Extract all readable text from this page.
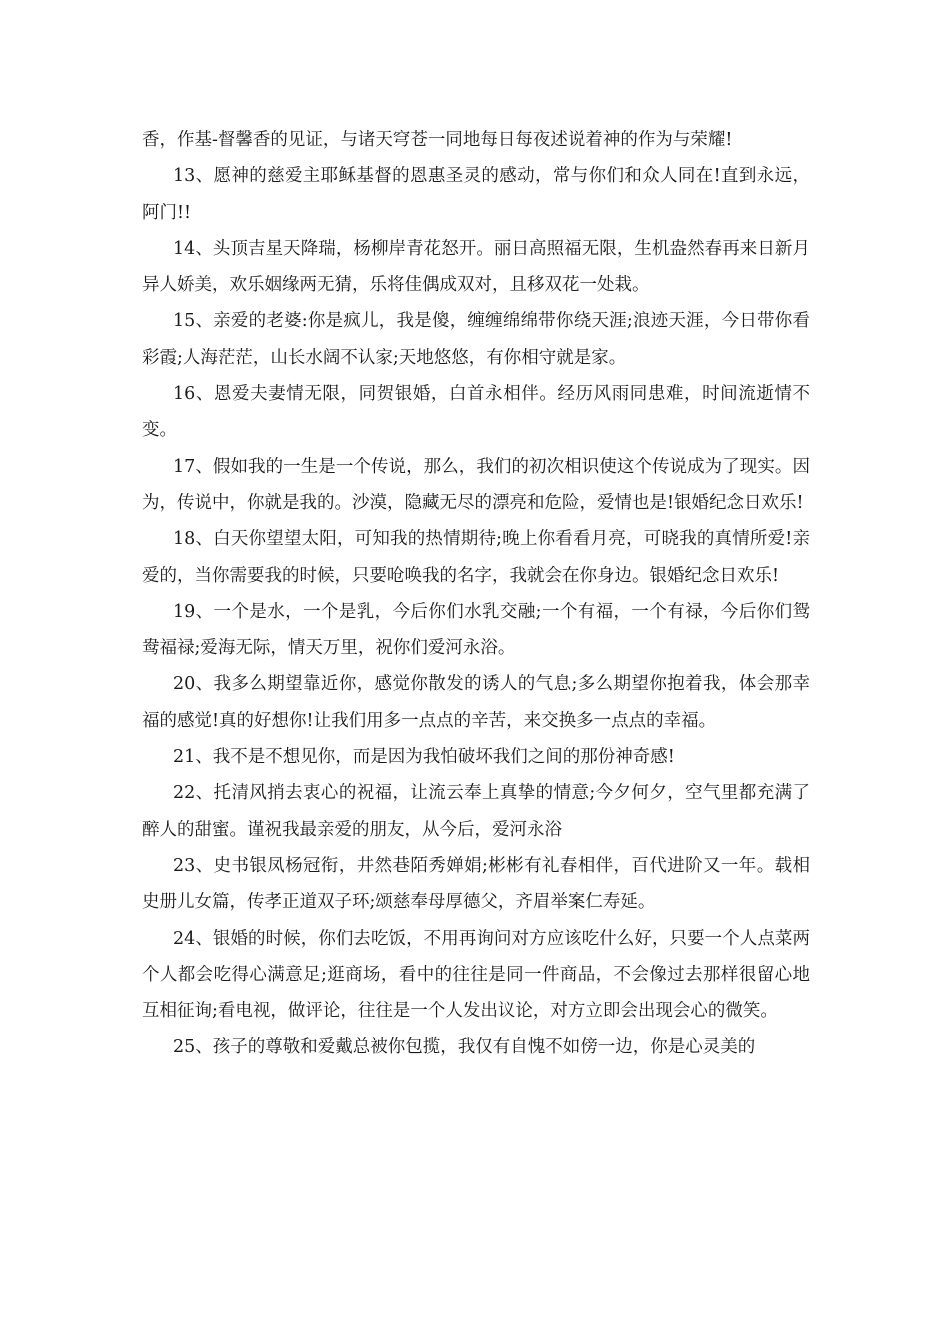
香，作基-督馨香的见证，与诸天穹苍一同地每日每夜述说着神的作为与荣耀!

13、愿神的慈爱主耶稣基督的恩惠圣灵的感动，常与你们和众人同在!直到永远，阿门!!

14、头顶吉星天降瑞，杨柳岸青花怒开。丽日高照福无限，生机盎然春再来日新月异人娇美，欢乐姻缘两无猜，乐将佳偶成双对，且移双花一处栽。

15、亲爱的老婆:你是疯儿，我是傻，缠缠绵绵带你绕天涯;浪迹天涯，今日带你看彩霞;人海茫茫，山长水阔不认家;天地悠悠，有你相守就是家。

16、恩爱夫妻情无限，同贺银婚，白首永相伴。经历风雨同患难，时间流逝情不变。

17、假如我的一生是一个传说，那么，我们的初次相识使这个传说成为了现实。因为，传说中，你就是我的。沙漠，隐藏无尽的漂亮和危险，爱情也是!银婚纪念日欢乐!

18、白天你望望太阳，可知我的热情期待;晚上你看看月亮，可晓我的真情所爱!亲爱的，当你需要我的时候，只要呛唤我的名字，我就会在你身边。银婚纪念日欢乐!

19、一个是水，一个是乳，今后你们水乳交融;一个有福，一个有禄，今后你们鸳鸯福禄;爱海无际，情天万里，祝你们爱河永浴。

20、我多么期望靠近你，感觉你散发的诱人的气息;多么期望你抱着我，体会那幸福的感觉!真的好想你!让我们用多一点点的辛苦，来交换多一点点的幸福。

21、我不是不想见你，而是因为我怕破坏我们之间的那份神奇感!

22、托清风捎去衷心的祝福，让流云奉上真挚的情意;今夕何夕，空气里都充满了醉人的甜蜜。谨祝我最亲爱的朋友，从今后，爱河永浴

23、史书银凤杨冠衔，井然巷陌秀婵娟;彬彬有礼春相伴，百代进阶又一年。载相史册儿女篇，传孝正道双子环;颂慈奉母厚德父，齐眉举案仁寿延。

24、银婚的时候，你们去吃饭，不用再询问对方应该吃什么好，只要一个人点菜两个人都会吃得心满意足;逛商场，看中的往往是同一件商品，不会像过去那样很留心地互相征询;看电视，做评论，往往是一个人发出议论，对方立即会出现会心的微笑。

25、孩子的尊敬和爱戴总被你包揽，我仅有自愧不如傍一边，你是心灵美的
